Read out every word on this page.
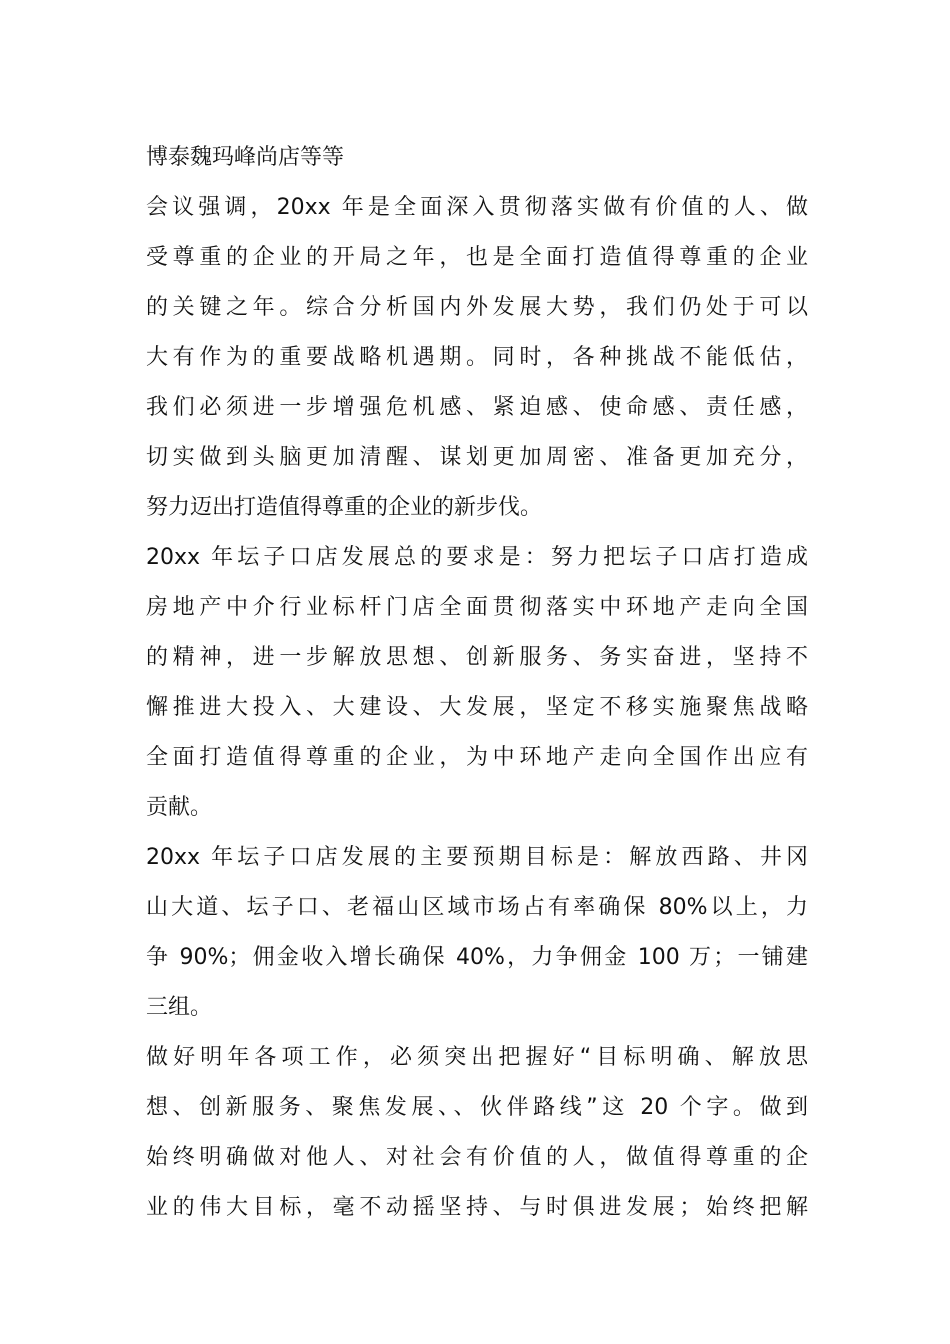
博泰魏玛峰尚店等等
会议强调，20xx 年是全面深入贯彻落实做有价值的人、做
受尊重的企业的开局之年，也是全面打造值得尊重的企业
的关键之年。综合分析国内外发展大势，我们仍处于可以
大有作为的重要战略机遇期。同时，各种挑战不能低估，
我们必须进一步增强危机感、紧迫感、使命感、责任感，
切实做到头脑更加清醒、谋划更加周密、准备更加充分，
努力迈出打造值得尊重的企业的新步伐。
20xx 年坛子口店发展总的要求是：努力把坛子口店打造成
房地产中介行业标杆门店全面贯彻落实中环地产走向全国
的精神，进一步解放思想、创新服务、务实奋进，坚持不
懈推进大投入、大建设、大发展，坚定不移实施聚焦战略
全面打造值得尊重的企业，为中环地产走向全国作出应有
贡献。
20xx 年坛子口店发展的主要预期目标是：解放西路、井冈
山大道、坛子口、老福山区域市场占有率确保 80%以上，力
争 90%；佣金收入增长确保 40%，力争佣金 100 万；一铺建
三组。
做好明年各项工作，必须突出把握好“目标明确、解放思
想、创新服务、聚焦发展、、伙伴路线”这 20 个字。做到
始终明确做对他人、对社会有价值的人，做值得尊重的企
业的伟大目标，毫不动摇坚持、与时俱进发展；始终把解
